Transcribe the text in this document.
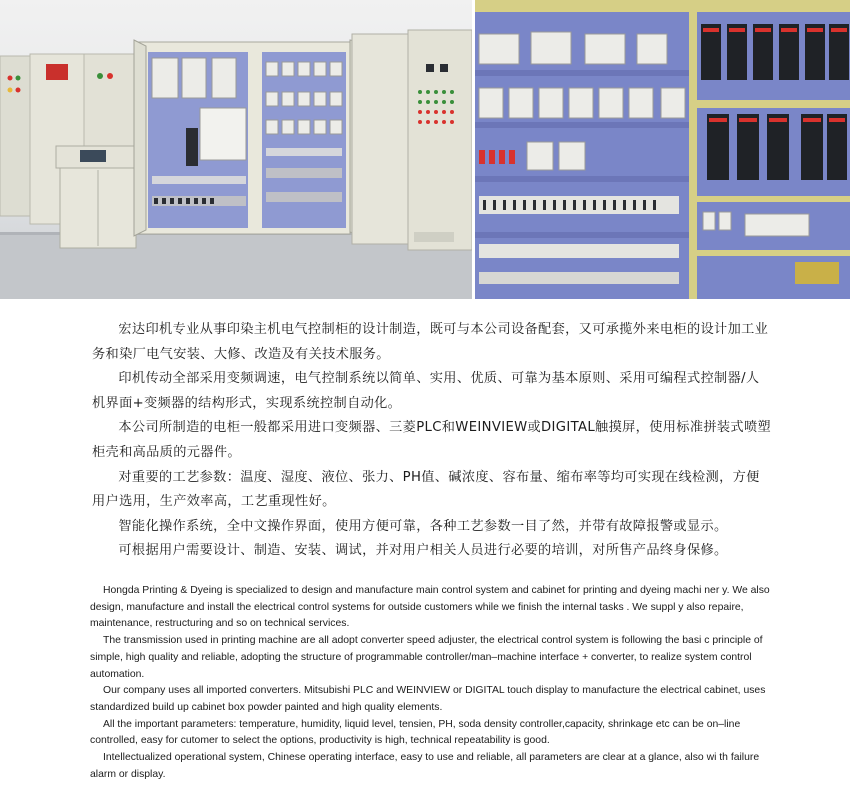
宏达印机专业从事印染主机电气控制柜的设计制造，既可与本公司设备配套，又可承揽外来电柜的设计加工业务和染厂电气安装、大修、改造及有关技术服务。

印机传动全部采用变频调速，电气控制系统以简单、实用、优质、可靠为基本原则、采用可编程式控制器/人机界面+变频器的结构形式，实现系统控制自动化。

本公司所制造的电柜一般都采用进口变频器、三菱PLC和WEINVIEW或DIGITAL触摸屏，使用标准拼装式喷塑柜壳和高品质的元器件。

对重要的工艺参数：温度、湿度、液位、张力、PH值、碱浓度、容布量、缩布率等均可实现在线检测，方便用户选用，生产效率高，工艺重现性好。

智能化操作系统，全中文操作界面，使用方便可靠，各种工艺参数一目了然，并带有故障报警或显示。

可根据用户需要设计、制造、安装、调试，并对用户相关人员进行必要的培训，对所售产品终身保修。

Hongda Printing & Dyeing is specialized to design and manufacture main control system and cabinet for printing and dyeing machi ner y. We also design, manufacture and install the electrical control systems for outside customers while we finish the internal tasks . We suppl y also repaire, maintenance, restructuring and so on technical services.

The transmission used in printing machine are all adopt converter speed adjuster, the electrical control system is following the basi c principle of simple, high quality and reliable, adopting the structure of programmable controller/man–machine interface + converter, to realize system control automation.

Our company uses all imported converters. Mitsubishi PLC and WEINVIEW or DIGITAL touch display to manufacture the electrical cabinet, uses standardized build up cabinet box powder painted and high quality elements.

All the important parameters: temperature, humidity, liquid level, tensien, PH, soda density controller,capacity, shrinkage etc can be on–line controlled, easy for cutomer to select the options, productivity is high, technical repeatability is good.

Intellectualized operational system, Chinese operating interface, easy to use and reliable, all parameters are clear at a glance, also wi th failure alarm or display.
